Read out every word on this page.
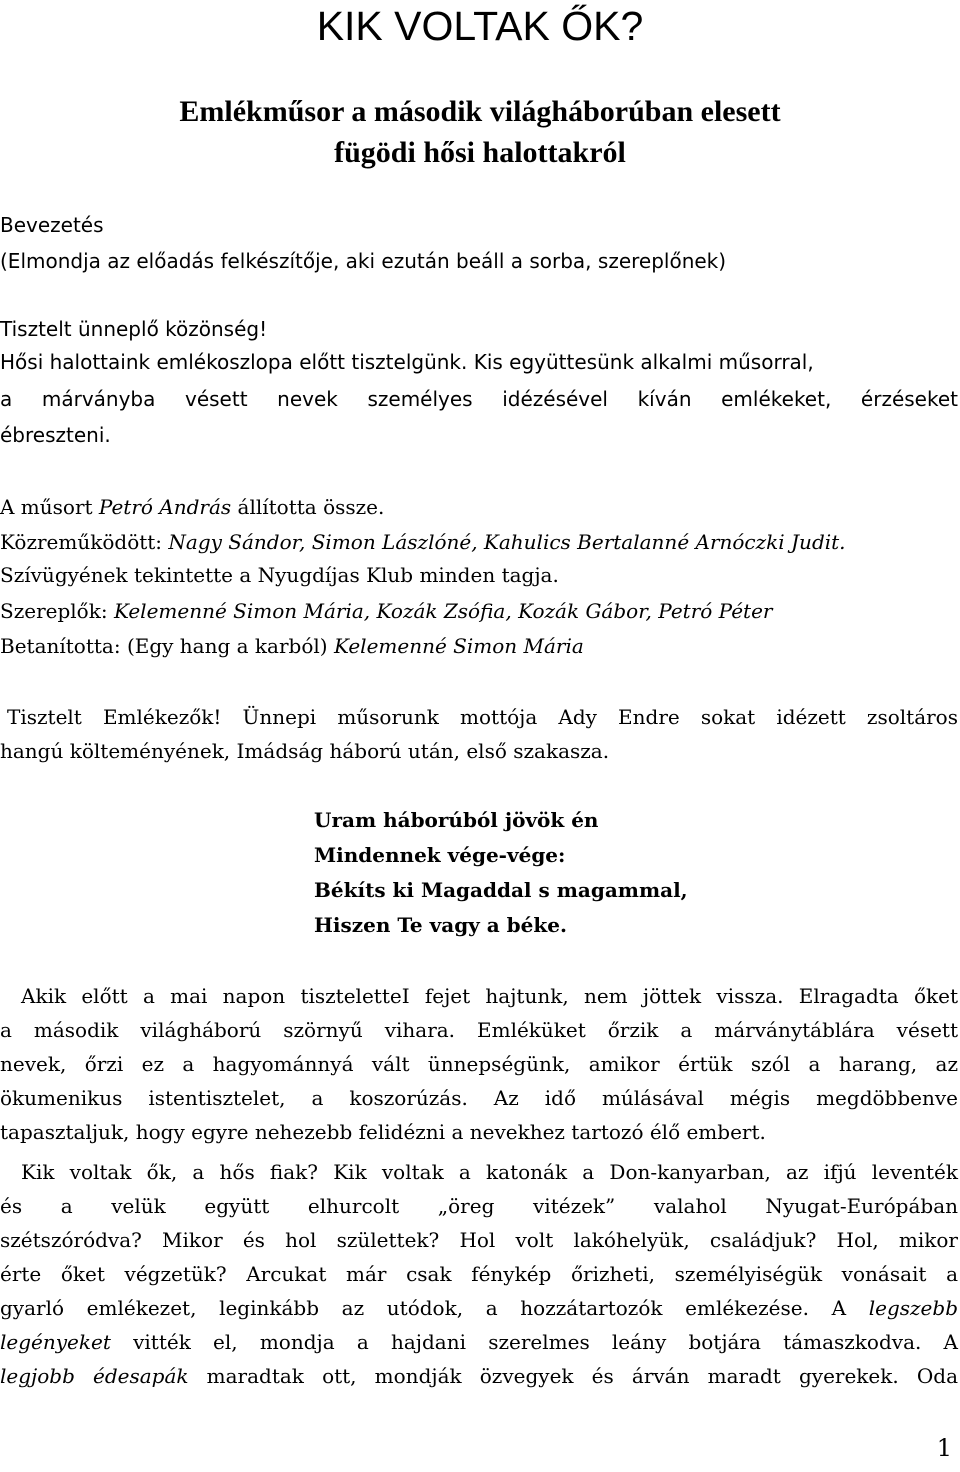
KIK VOLTAK ŐK?
Emlékműsor a második világháborúban elesett
fügödi hősi halottakról
Bevezetés
(Elmondja az előadás felkészítője, aki ezután beáll a sorba, szereplőnek)
Tisztelt ünneplő közönség!
Hősi halottaink emlékoszlopa előtt tisztelgünk. Kis együttesünk alkalmi műsorral,
a márványba vésett nevek személyes idézésével kíván emlékeket, érzéseket
ébreszteni.
A műsort Petró András állította össze.
Közreműködött: Nagy Sándor, Simon Lászlóné, Kahulics Bertalanné Arnóczki Judit.
Szívügyének tekintette a Nyugdíjas Klub minden tagja.
Szereplők: Kelemenné Simon Mária, Kozák Zsófia, Kozák Gábor, Petró Péter
Betanította: (Egy hang a karból) Kelemenné Simon Mária
Tisztelt Emlékezők! Ünnepi műsorunk mottója Ady Endre sokat idézett zsoltáros
hangú költeményének, Imádság háború után, első szakasza.
Uram háborúból jövök én
Mindennek vége-vége:
Békíts ki Magaddal s magammal,
Hiszen Te vagy a béke.
Akik előtt a mai napon tiszteletteI fejet hajtunk, nem jöttek vissza. Elragadta őket
a második világháború szörnyű vihara. Emléküket őrzik a márványtáblára vésett
nevek, őrzi ez a hagyománnyá vált ünnepségünk, amikor értük szól a harang, az
ökumenikus istentisztelet, a koszorúzás. Az idő múlásával mégis megdöbbenve
tapasztaljuk, hogy egyre nehezebb felidézni a nevekhez tartozó élő embert.
Kik voltak ők, a hős fiak? Kik voltak a katonák a Don-kanyarban, az ifjú leventék
és a velük együtt elhurcolt „öreg vitézek” valahol Nyugat-Európában
szétszóródva? Mikor és hol születtek? Hol volt lakóhelyük, családjuk? Hol, mikor
érte őket végzetük? Arcukat már csak fénykép őrizheti, személyiségük vonásait a
gyarló emlékezet, leginkább az utódok, a hozzátartozók emlékezése. A legszebb
legényeket vitték el, mondja a hajdani szerelmes leány botjára támaszkodva. A
legjobb édesapák maradtak ott, mondják özvegyek és árván maradt gyerekek. Oda
1
